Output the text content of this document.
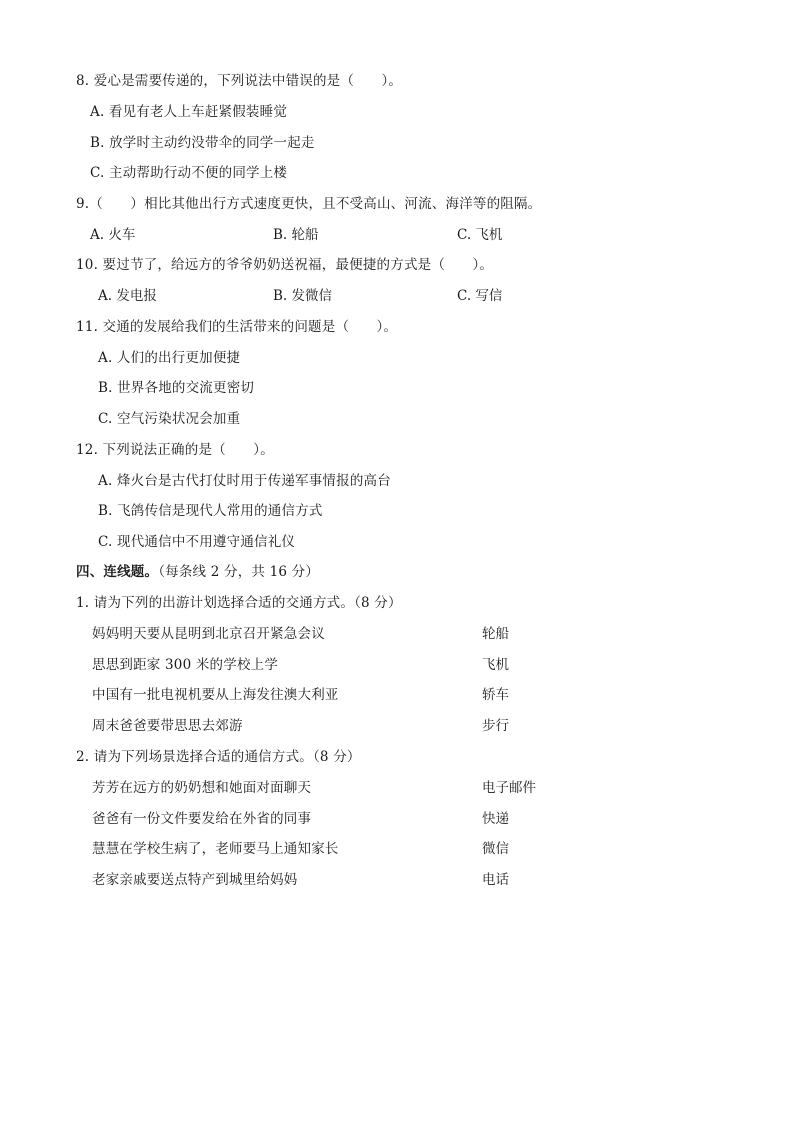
8. 爱心是需要传递的，下列说法中错误的是（　　）。
A. 看见有老人上车赶紧假装睡觉
B. 放学时主动约没带伞的同学一起走
C. 主动帮助行动不便的同学上楼
9.（　　）相比其他出行方式速度更快，且不受高山、河流、海洋等的阻隔。
A. 火车	B. 轮船	C. 飞机
10. 要过节了，给远方的爷爷奶奶送祝福，最便捷的方式是（　　）。
A. 发电报	B. 发微信	C. 写信
11. 交通的发展给我们的生活带来的问题是（　　）。
A. 人们的出行更加便捷
B. 世界各地的交流更密切
C. 空气污染状况会加重
12. 下列说法正确的是（　　）。
A. 烽火台是古代打仗时用于传递军事情报的高台
B. 飞鸽传信是现代人常用的通信方式
C. 现代通信中不用遵守通信礼仪
四、连线题。（每条线 2 分，共 16 分）
1. 请为下列的出游计划选择合适的交通方式。（8 分）
妈妈明天要从昆明到北京召开紧急会议
思思到距家 300 米的学校上学
中国有一批电视机要从上海发往澳大利亚
周末爸爸要带思思去郊游
轮船
飞机
轿车
步行
2. 请为下列场景选择合适的通信方式。（8 分）
芳芳在远方的奶奶想和她面对面聊天
爸爸有一份文件要发给在外省的同事
慧慧在学校生病了，老师要马上通知家长
老家亲戚要送点特产到城里给妈妈
电子邮件
快递
微信
电话
